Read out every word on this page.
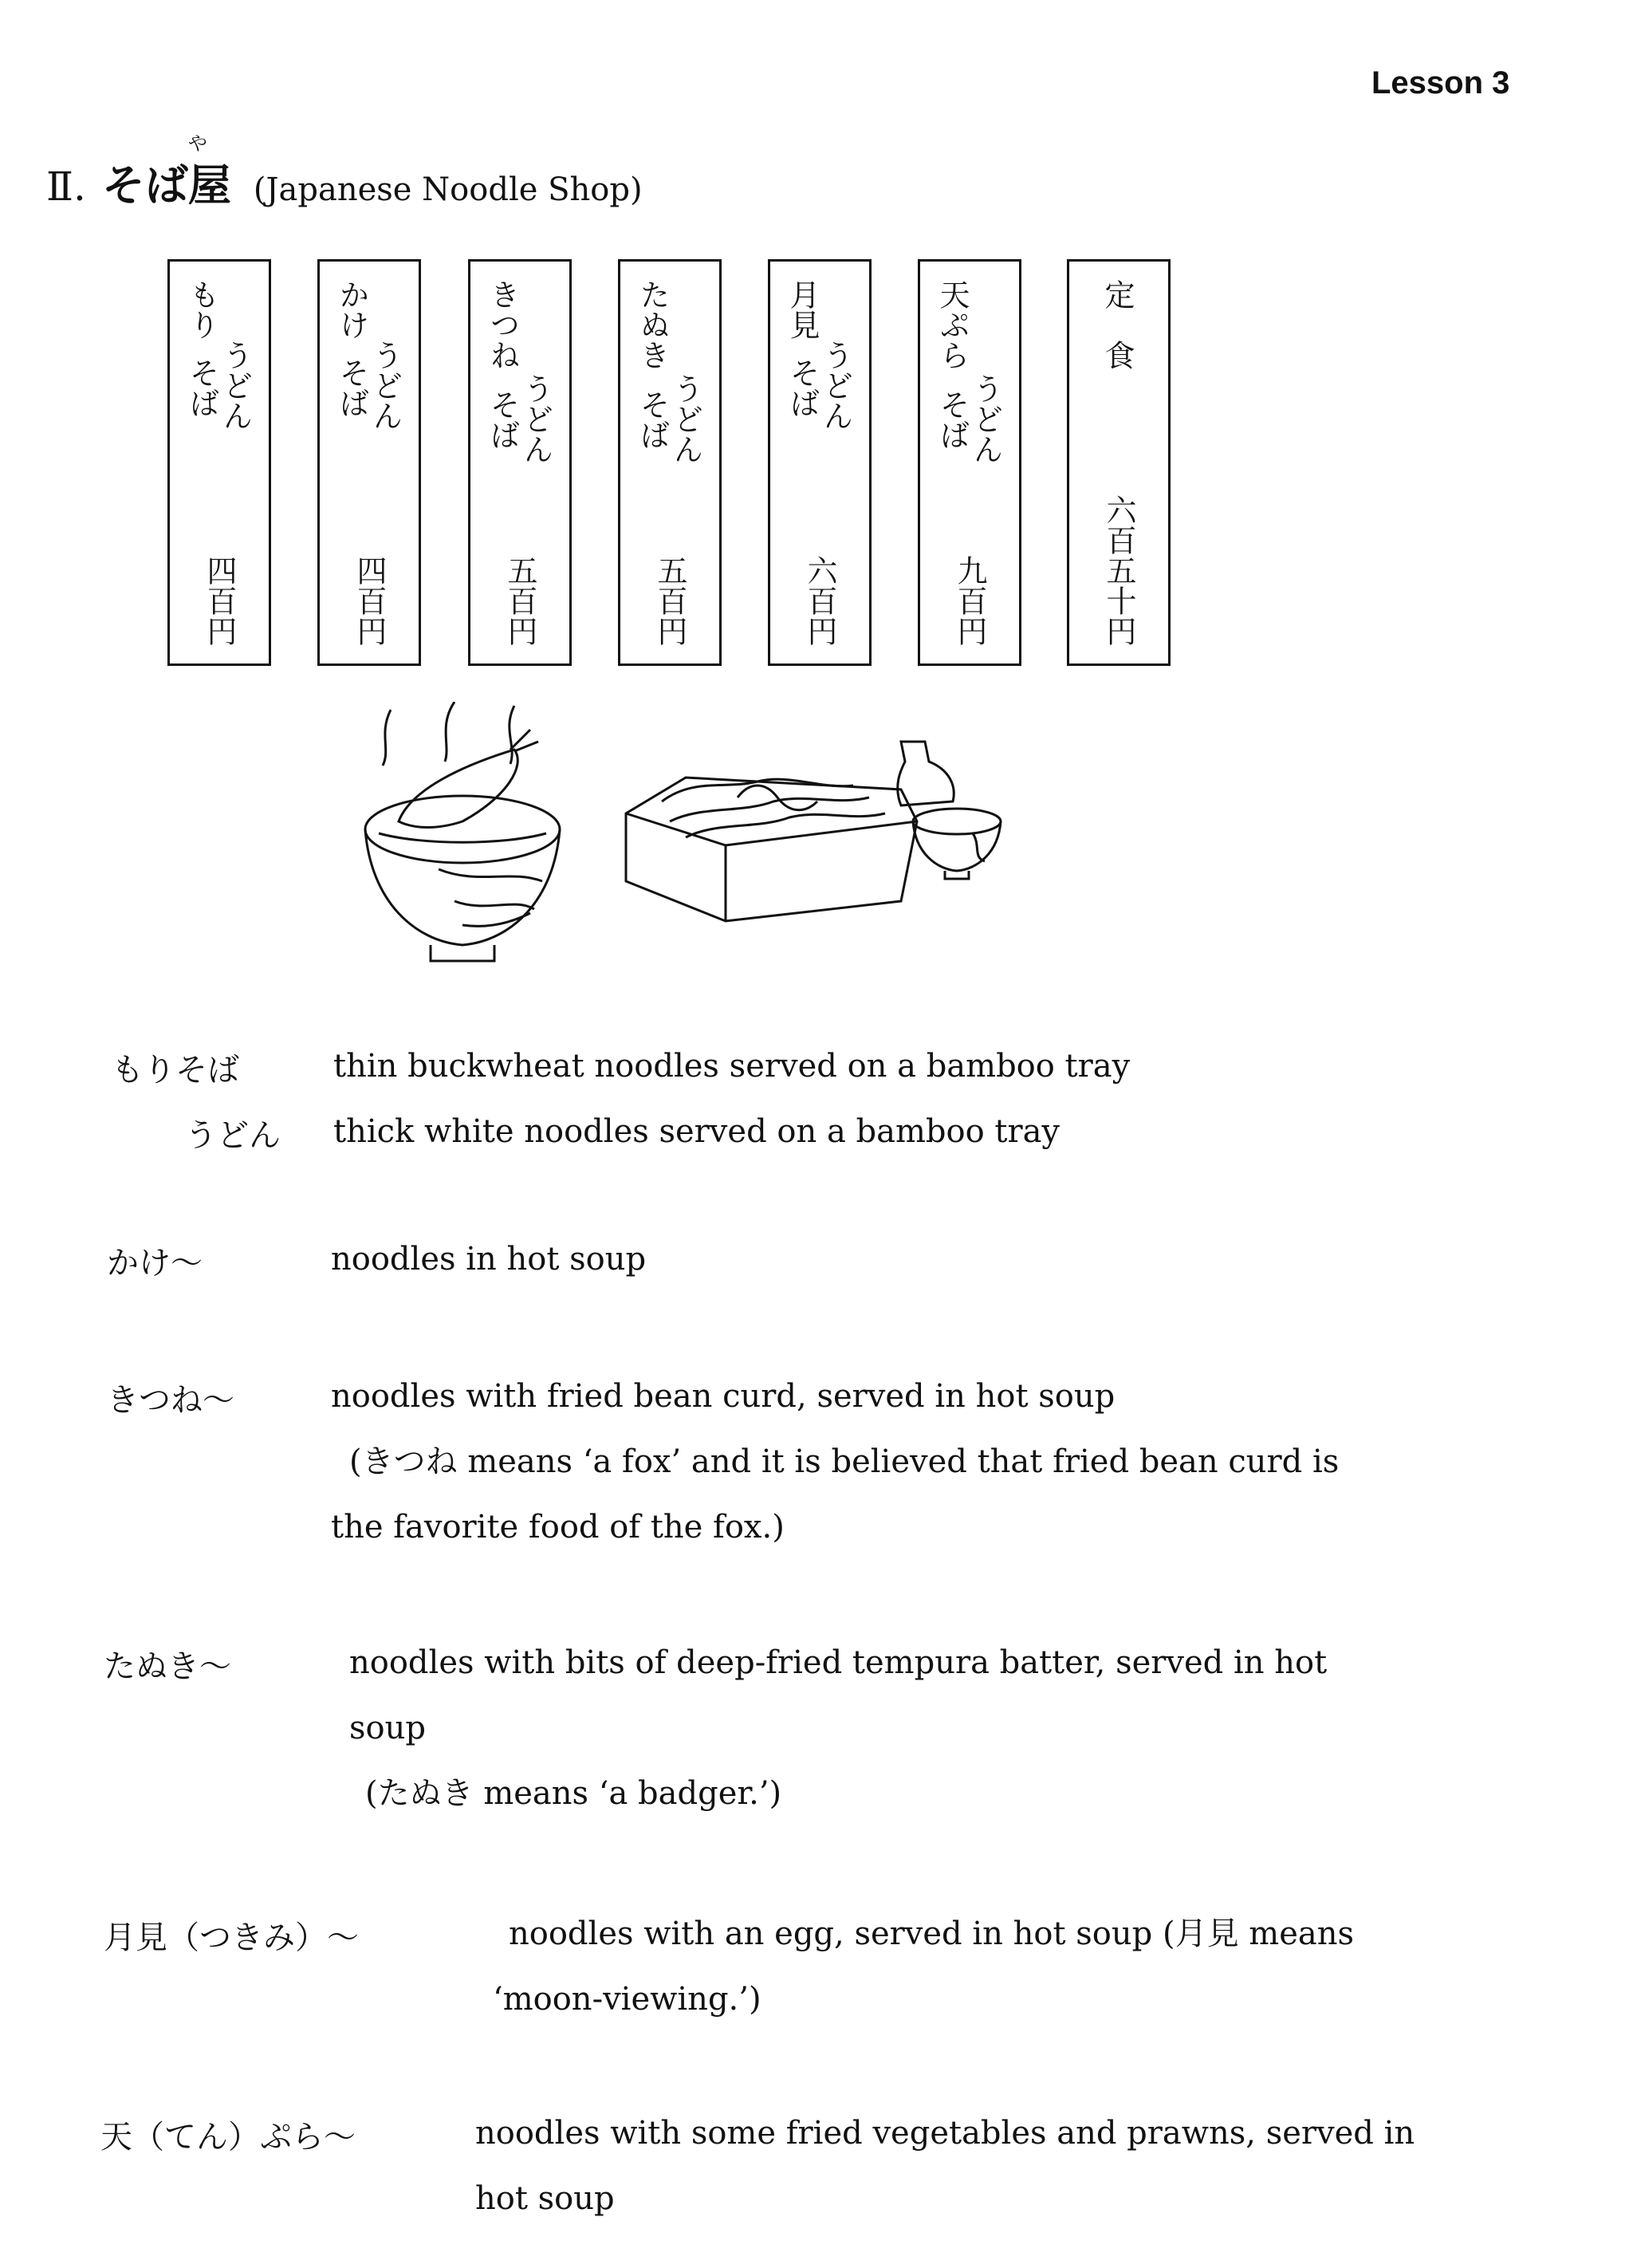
Lesson 3
Ⅱ.
や
そば屋 (Japanese Noodle Shop)
もり
うどん
そば
四百円
かけ
うどん
そば
四百円
きつね
うどん
そば
五百円
たぬき
うどん
そば
五百円
月見
うどん
そば
六百円
天ぷら
うどん
そば
九百円
定　食
六百五十円
もりそば	thin buckwheat noodles served on a bamboo tray
うどん thick white noodles served on a bamboo tray
かけ～	noodles in hot soup
きつね～	noodles with fried bean curd, served in hot soup
(きつね means ‘a fox’ and it is believed that fried bean curd is
the favorite food of the fox.)
たぬき～	noodles with bits of deep-fried tempura batter, served in hot
soup
(たぬき means ‘a badger.’)
月見（つきみ）～	noodles with an egg, served in hot soup (月見 means
‘moon-viewing.’)
天（てん）ぷら～	noodles with some fried vegetables and prawns, served in
hot soup
